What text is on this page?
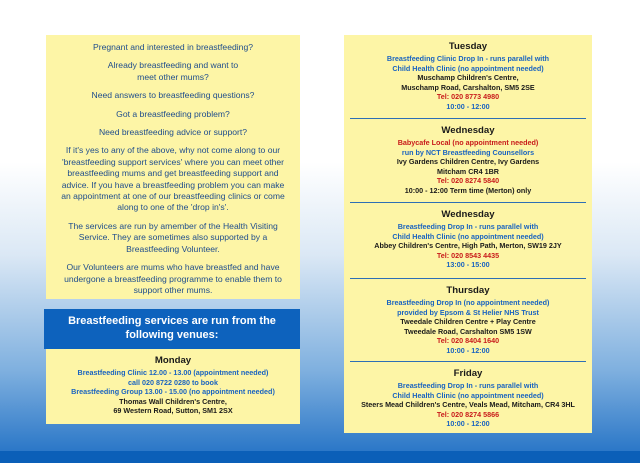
Pregnant and interested in breastfeeding?

Already breastfeeding and want to meet other mums?

Need answers to breastfeeding questions?

Got a breastfeeding problem?

Need breastfeeding advice or support?

If it's yes to any of the above, why not come along to our 'breastfeeding support services' where you can meet other breastfeeding mums and get breastfeeding support and advice. If you have a breastfeeding problem you can make an appointment at one of our breastfeeding clinics or come along to one of the 'drop in's'.

The services are run by amember of the Health Visiting Service. They are sometimes also supported by a Breastfeeding Volunteer.

Our Volunteers are mums who have breastfed and have undergone a breastfeeding programme to enable them to support other mums.

Breastfeeding services are run from the
following venues:
Monday
Breastfeeding Clinic 12.00 - 13.00 (appointment needed)
call 020 8722 0280 to book
Breastfeeding Group 13.00 - 15.00 (no appointment needed)
Thomas Wall Children's Centre,
69 Western Road, Sutton, SM1 2SX
Tuesday
Breastfeeding Clinic Drop In - runs parallel with
Child Health Clinic (no appointment needed)
Muschamp Children's Centre,
Muschamp Road, Carshalton, SM5 2SE
Tel: 020 8773 4980
10:00 - 12:00
Wednesday
Babycafe Local (no appointment needed)
run by NCT Breastfeeding Counsellors
Ivy Gardens Children Centre, Ivy Gardens
Mitcham CR4 1BR
Tel: 020 8274 5840
10:00 - 12:00 Term time (Merton) only
Wednesday
Breastfeeding Drop In - runs parallel with
Child Health Clinic (no appointment needed)
Abbey Children's Centre, High Path, Merton, SW19 2JY
Tel: 020 8543 4435
13:00 - 15:00
Thursday
Breastfeeding Drop In (no appointment needed)
provided by Epsom & St Helier NHS Trust
Tweedale Children Centre + Play Centre
Tweedale Road, Carshalton SM5 1SW
Tel: 020 8404 1640
10:00 - 12:00
Friday
Breastfeeding Drop In - runs parallel with
Child Health Clinic (no appointment needed)
Steers Mead Children's Centre, Veals Mead, Mitcham, CR4 3HL
Tel: 020 8274 5866
10:00 - 12:00
